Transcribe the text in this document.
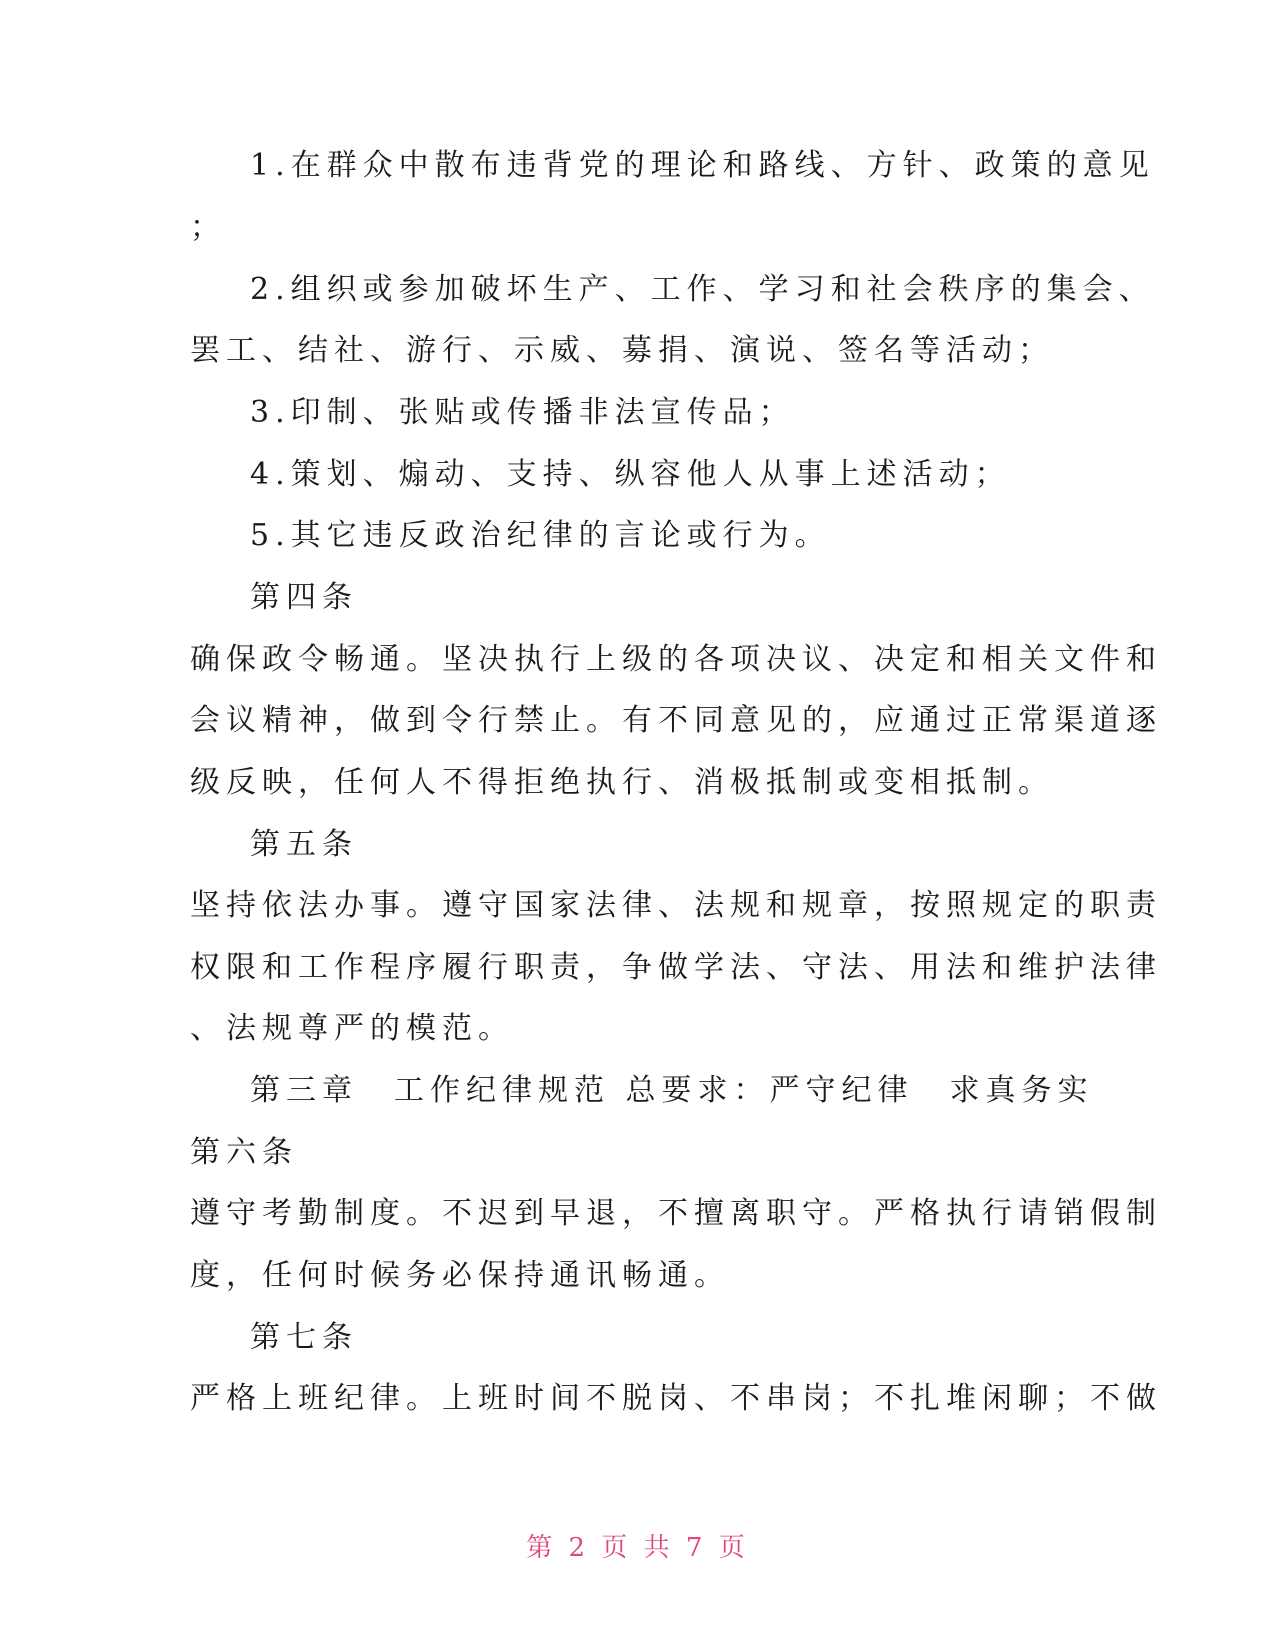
1.在群众中散布违背党的理论和路线、方针、政策的意见
；
2.组织或参加破坏生产、工作、学习和社会秩序的集会、
罢工、结社、游行、示威、募捐、演说、签名等活动；
3.印制、张贴或传播非法宣传品；
4.策划、煽动、支持、纵容他人从事上述活动；
5.其它违反政治纪律的言论或行为。
第四条
确保政令畅通。坚决执行上级的各项决议、决定和相关文件和
会议精神，做到令行禁止。有不同意见的，应通过正常渠道逐
级反映，任何人不得拒绝执行、消极抵制或变相抵制。
第五条
坚持依法办事。遵守国家法律、法规和规章，按照规定的职责
权限和工作程序履行职责，争做学法、守法、用法和维护法律
、法规尊严的模范。
第三章　工作纪律规范 总要求：严守纪律　求真务实
第六条
遵守考勤制度。不迟到早退，不擅离职守。严格执行请销假制
度，任何时候务必保持通讯畅通。
第七条
严格上班纪律。上班时间不脱岗、不串岗；不扎堆闲聊；不做
第 2 页 共 7 页
